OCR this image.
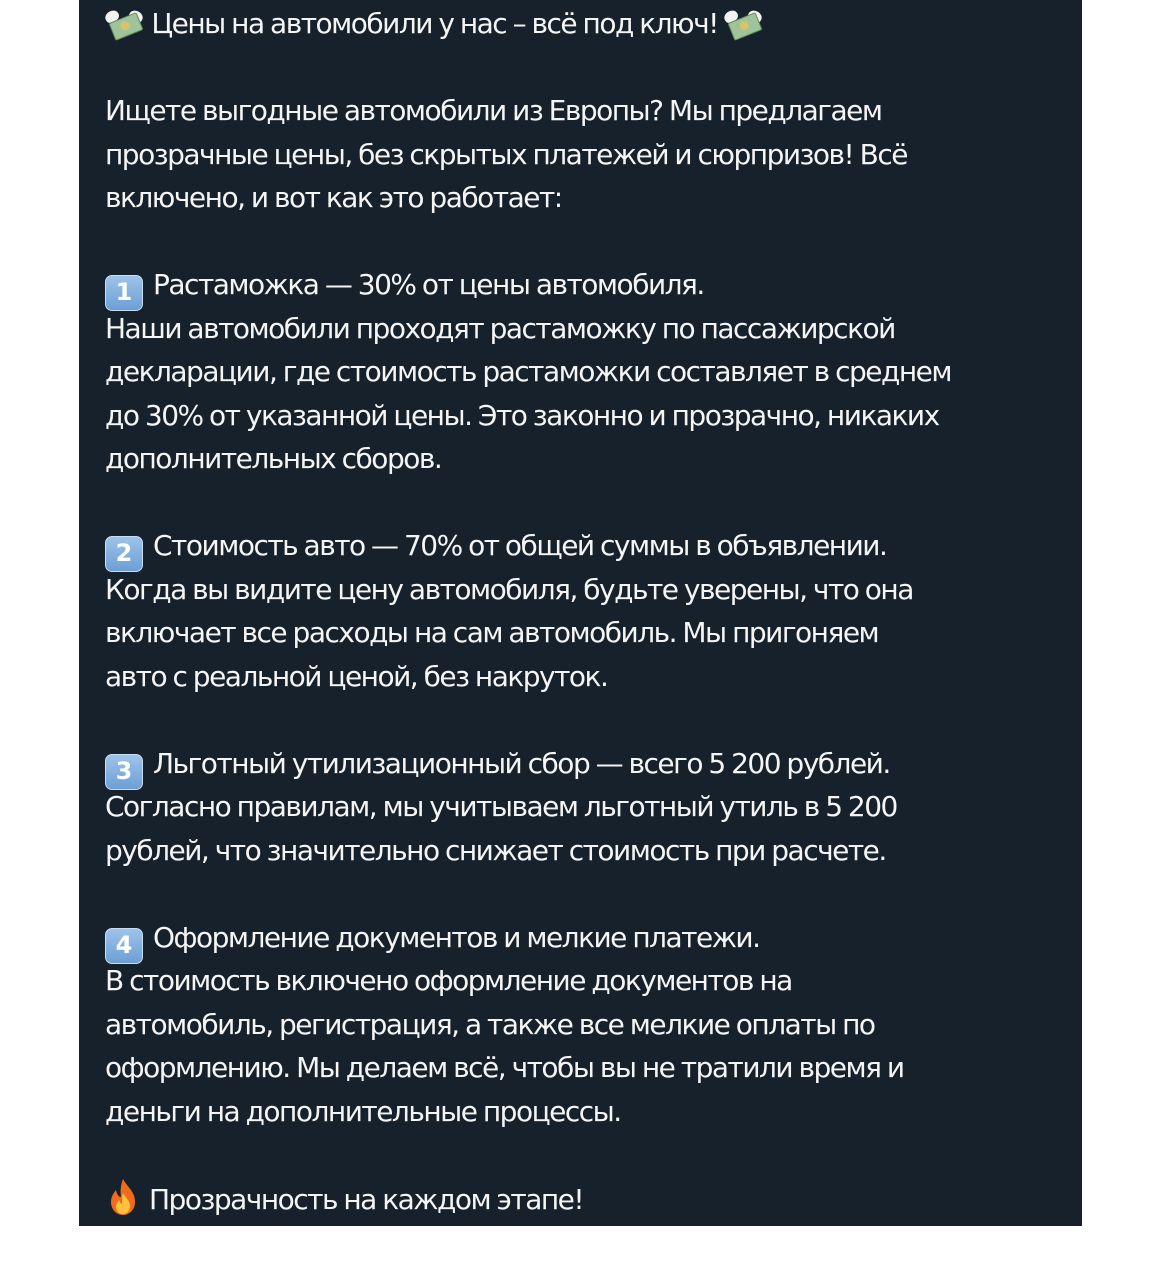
Цены на автомобили у нас – всё под ключ!
Ищете выгодные автомобили из Европы? Мы предлагаем
прозрачные цены, без скрытых платежей и сюрпризов! Всё
включено, и вот как это работает:
1 Растаможка — 30% от цены автомобиля.
Наши автомобили проходят растаможку по пассажирской
декларации, где стоимость растаможки составляет в среднем
до 30% от указанной цены. Это законно и прозрачно, никаких
дополнительных сборов.
2 Стоимость авто — 70% от общей суммы в объявлении.
Когда вы видите цену автомобиля, будьте уверены, что она
включает все расходы на сам автомобиль. Мы пригоняем
авто с реальной ценой, без накруток.
3 Льготный утилизационный сбор — всего 5 200 рублей.
Согласно правилам, мы учитываем льготный утиль в 5 200
рублей, что значительно снижает стоимость при расчете.
4 Оформление документов и мелкие платежи.
В стоимость включено оформление документов на
автомобиль, регистрация, а также все мелкие оплаты по
оформлению. Мы делаем всё, чтобы вы не тратили время и
деньги на дополнительные процессы.
Прозрачность на каждом этапе!
